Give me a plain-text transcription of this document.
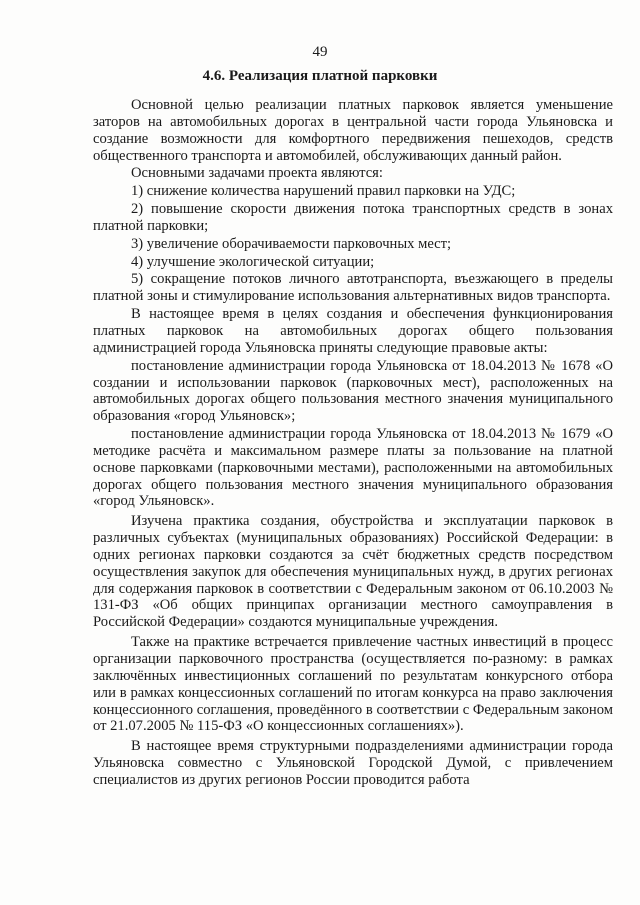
49
4.6. Реализация платной парковки

Основной целью реализации платных парковок является уменьшение заторов на автомобильных дорогах в центральной части города Ульяновска и создание возможности для комфортного передвижения пешеходов, средств общественного транспорта и автомобилей, обслуживающих данный район.

Основными задачами проекта являются:

1) снижение количества нарушений правил парковки на УДС;

2) повышение скорости движения потока транспортных средств в зонах платной парковки;

3) увеличение оборачиваемости парковочных мест;

4) улучшение экологической ситуации;

5) сокращение потоков личного автотранспорта, въезжающего в пределы платной зоны и стимулирование использования альтернативных видов транспорта.

В настоящее время в целях создания и обеспечения функционирования платных парковок на автомобильных дорогах общего пользования администрацией города Ульяновска приняты следующие правовые акты:

постановление администрации города Ульяновска от 18.04.2013 № 1678 «О создании и использовании парковок (парковочных мест), расположенных на автомобильных дорогах общего пользования местного значения муниципального образования «город Ульяновск»;

постановление администрации города Ульяновска от 18.04.2013 № 1679 «О методике расчёта и максимальном размере платы за пользование на платной основе парковками (парковочными местами), расположенными на автомобильных дорогах общего пользования местного значения муниципального образования «город Ульяновск».

Изучена практика создания, обустройства и эксплуатации парковок в различных субъектах (муниципальных образованиях) Российской Федерации: в одних регионах парковки создаются за счёт бюджетных средств посредством осуществления закупок для обеспечения муниципальных нужд, в других регионах для содержания парковок в соответствии с Федеральным законом от 06.10.2003 № 131-ФЗ «Об общих принципах организации местного самоуправления в Российской Федерации» создаются муниципальные учреждения.

Также на практике встречается привлечение частных инвестиций в процесс организации парковочного пространства (осуществляется по-разному: в рамках заключённых инвестиционных соглашений по результатам конкурсного отбора или в рамках концессионных соглашений по итогам конкурса на право заключения концессионного соглашения, проведённого в соответствии с Федеральным законом от 21.07.2005 № 115-ФЗ «О концессионных соглашениях»).

В настоящее время структурными подразделениями администрации города Ульяновска совместно с Ульяновской Городской Думой, с привлечением специалистов из других регионов России проводится работа
